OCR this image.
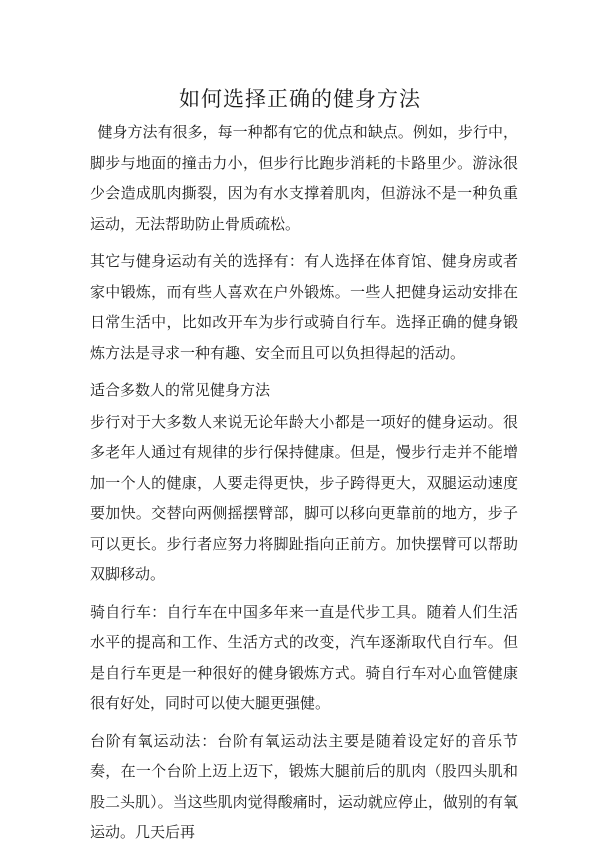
如何选择正确的健身方法

健身方法有很多，每一种都有它的优点和缺点。例如，步行中，脚步与地面的撞击力小，但步行比跑步消耗的卡路里少。游泳很少会造成肌肉撕裂，因为有水支撑着肌肉，但游泳不是一种负重运动，无法帮助防止骨质疏松。

其它与健身运动有关的选择有：有人选择在体育馆、健身房或者家中锻炼，而有些人喜欢在户外锻炼。一些人把健身运动安排在日常生活中，比如改开车为步行或骑自行车。选择正确的健身锻炼方法是寻求一种有趣、安全而且可以负担得起的活动。

适合多数人的常见健身方法

步行对于大多数人来说无论年龄大小都是一项好的健身运动。很多老年人通过有规律的步行保持健康。但是，慢步行走并不能增加一个人的健康，人要走得更快，步子跨得更大，双腿运动速度要加快。交替向两侧摇摆臂部，脚可以移向更靠前的地方，步子可以更长。步行者应努力将脚趾指向正前方。加快摆臂可以帮助双脚移动。

骑自行车：自行车在中国多年来一直是代步工具。随着人们生活水平的提高和工作、生活方式的改变，汽车逐渐取代自行车。但是自行车更是一种很好的健身锻炼方式。骑自行车对心血管健康很有好处，同时可以使大腿更强健。

台阶有氧运动法：台阶有氧运动法主要是随着设定好的音乐节奏，在一个台阶上迈上迈下，锻炼大腿前后的肌肉（股四头肌和股二头肌）。当这些肌肉觉得酸痛时，运动就应停止，做别的有氧运动。几天后再
